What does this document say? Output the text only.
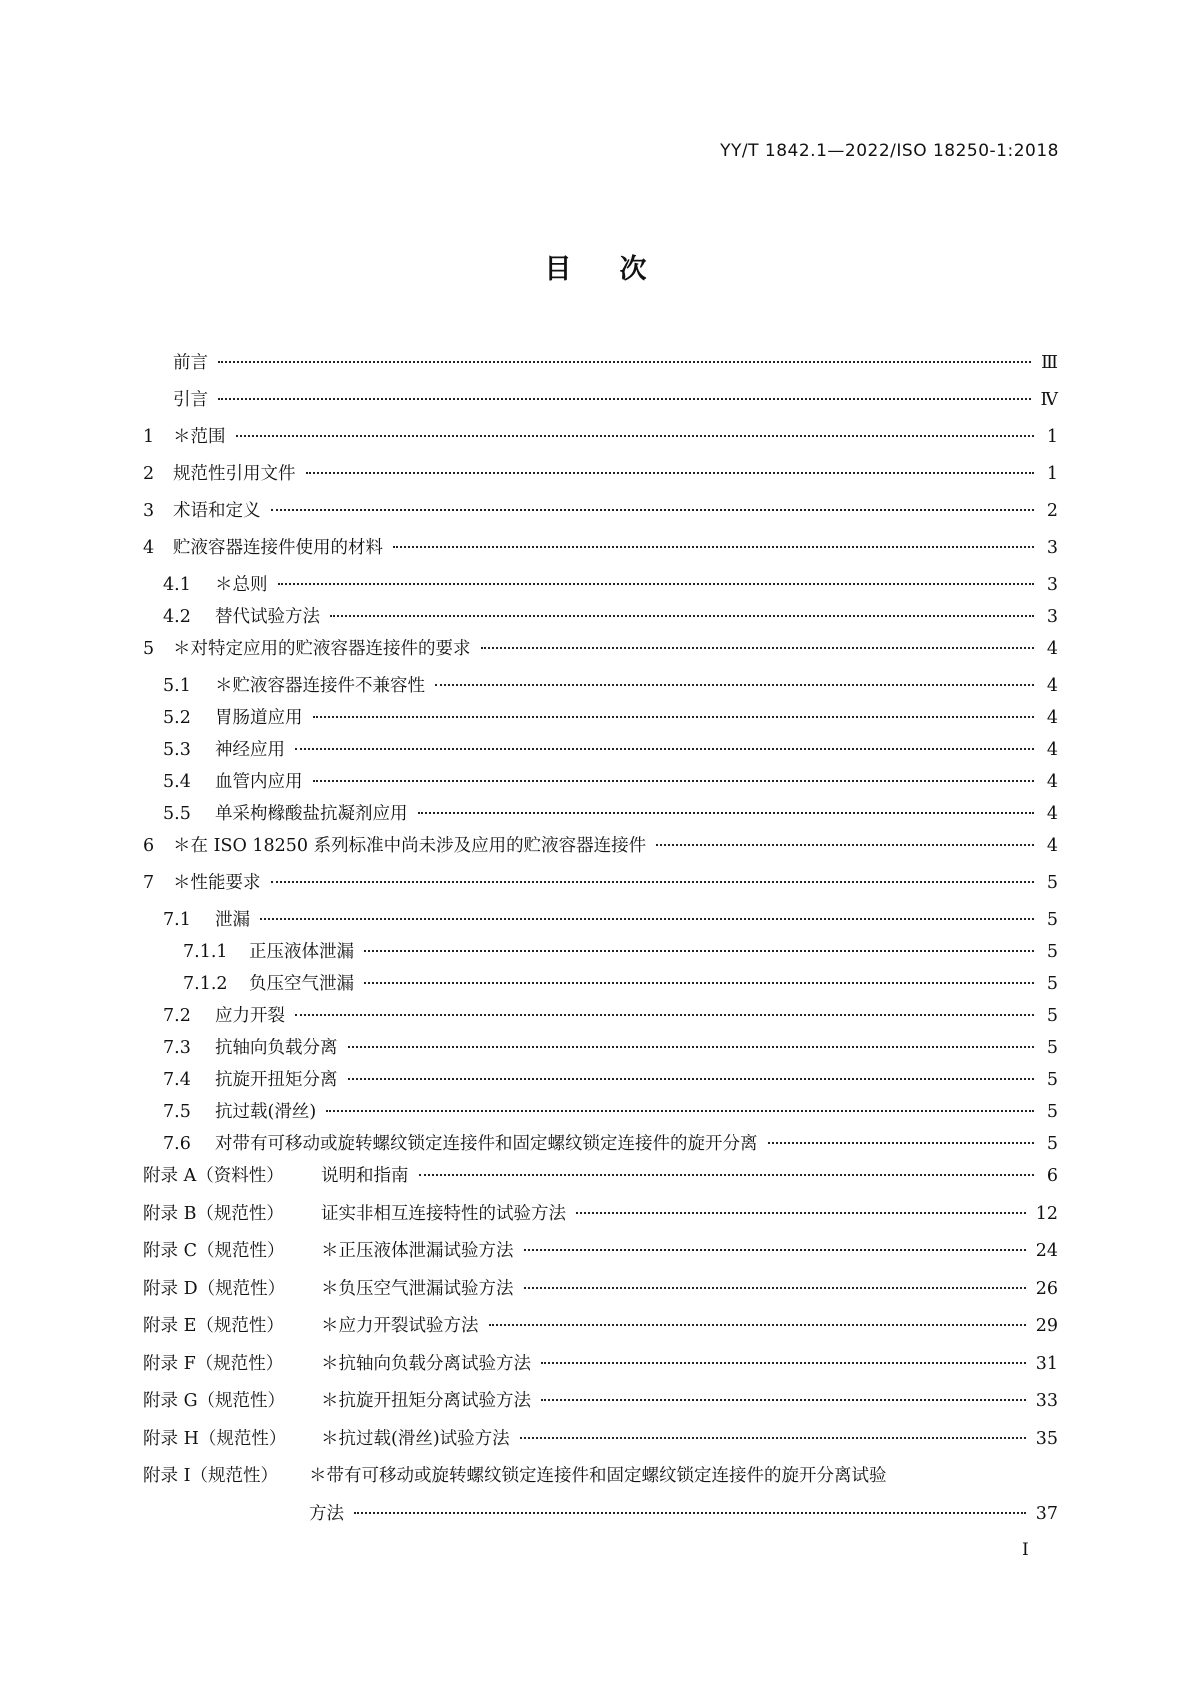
YY/T 1842.1—2022/ISO 18250-1:2018
目次
前言	Ⅲ
引言	Ⅳ
1	＊范围	1
2	规范性引用文件	1
3	术语和定义	2
4	贮液容器连接件使用的材料	3
4.1	＊总则	3
4.2	替代试验方法	3
5	＊对特定应用的贮液容器连接件的要求	4
5.1	＊贮液容器连接件不兼容性	4
5.2	胃肠道应用	4
5.3	神经应用	4
5.4	血管内应用	4
5.5	单采枸橼酸盐抗凝剂应用	4
6	＊在 ISO 18250 系列标准中尚未涉及应用的贮液容器连接件	4
7	＊性能要求	5
7.1	泄漏	5
7.1.1	正压液体泄漏	5
7.1.2	负压空气泄漏	5
7.2	应力开裂	5
7.3	抗轴向负载分离	5
7.4	抗旋开扭矩分离	5
7.5	抗过载(滑丝)	5
7.6	对带有可移动或旋转螺纹锁定连接件和固定螺纹锁定连接件的旋开分离	5
附录 A（资料性）	说明和指南	6
附录 B（规范性）	证实非相互连接特性的试验方法	12
附录 C（规范性）	＊正压液体泄漏试验方法	24
附录 D（规范性）	＊负压空气泄漏试验方法	26
附录 E（规范性）	＊应力开裂试验方法	29
附录 F（规范性）	＊抗轴向负载分离试验方法	31
附录 G（规范性）	＊抗旋开扭矩分离试验方法	33
附录 H（规范性）	＊抗过载(滑丝)试验方法	35
附录 I（规范性）	＊带有可移动或旋转螺纹锁定连接件和固定螺纹锁定连接件的旋开分离试验
方法	37
Ⅰ
